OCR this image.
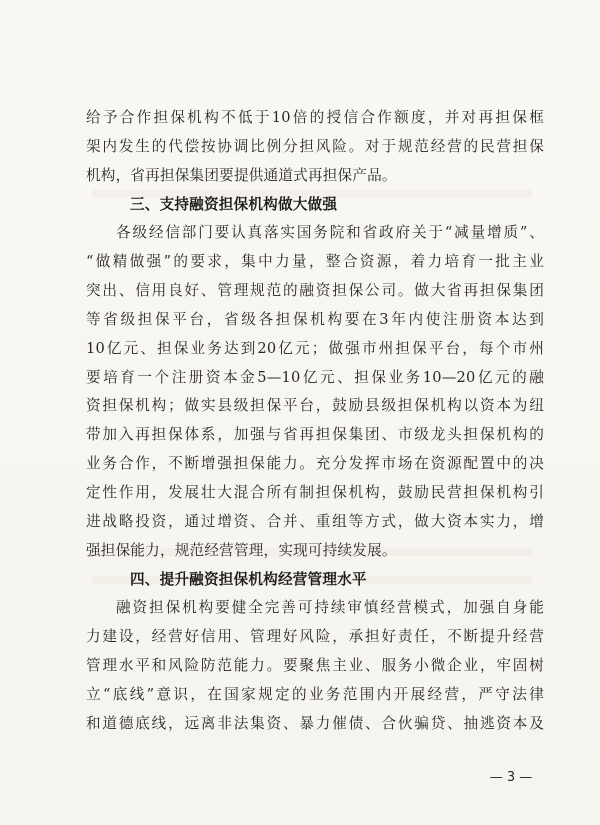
给予合作担保机构不低于10倍的授信合作额度，并对再担保框
架内发生的代偿按协调比例分担风险。对于规范经营的民营担保
机构，省再担保集团要提供通道式再担保产品。
三、支持融资担保机构做大做强
各级经信部门要认真落实国务院和省政府关于“减量增质”、
“做精做强”的要求，集中力量，整合资源，着力培育一批主业
突出、信用良好、管理规范的融资担保公司。做大省再担保集团
等省级担保平台，省级各担保机构要在3年内使注册资本达到
10亿元、担保业务达到20亿元；做强市州担保平台，每个市州
要培育一个注册资本金5—10亿元、担保业务10—20亿元的融
资担保机构；做实县级担保平台，鼓励县级担保机构以资本为纽
带加入再担保体系，加强与省再担保集团、市级龙头担保机构的
业务合作，不断增强担保能力。充分发挥市场在资源配置中的决
定性作用，发展壮大混合所有制担保机构，鼓励民营担保机构引
进战略投资，通过增资、合并、重组等方式，做大资本实力，增
强担保能力，规范经营管理，实现可持续发展。
四、提升融资担保机构经营管理水平
融资担保机构要健全完善可持续审慎经营模式，加强自身能
力建设，经营好信用、管理好风险，承担好责任，不断提升经营
管理水平和风险防范能力。要聚焦主业、服务小微企业，牢固树
立“底线”意识，在国家规定的业务范围内开展经营，严守法律
和道德底线，远离非法集资、暴力催债、合伙骗贷、抽逃资本及
— 3 —
